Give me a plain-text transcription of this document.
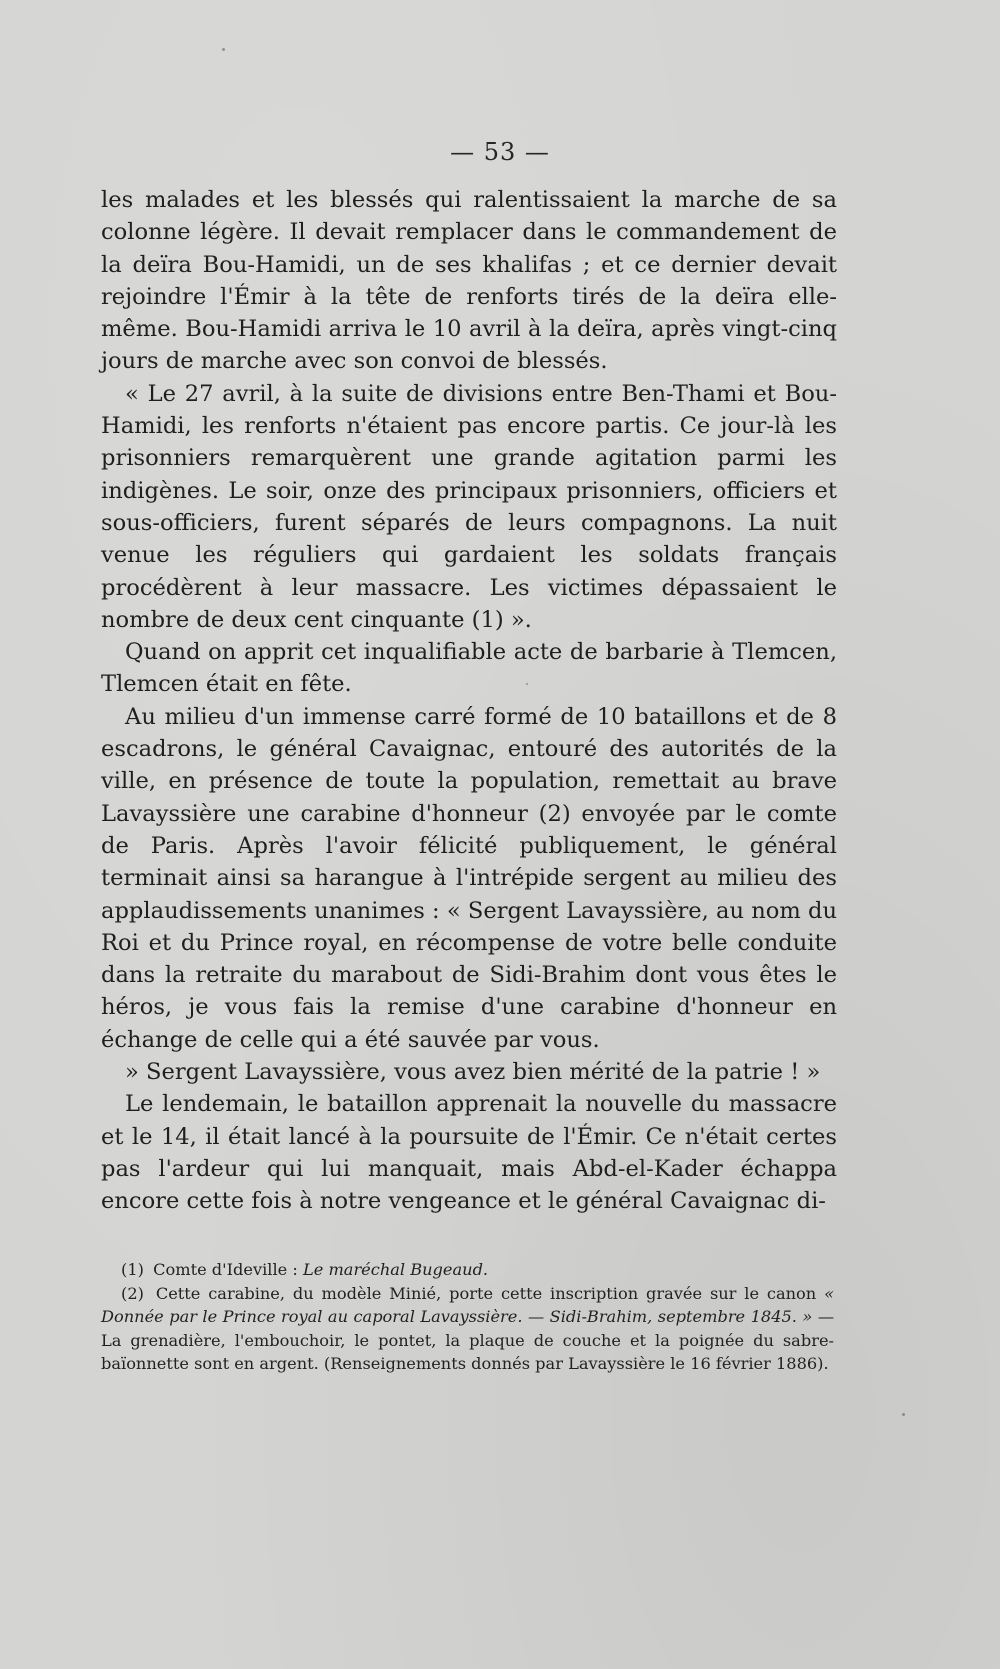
— 53 —

les malades et les blessés qui ralentissaient la marche de sa colonne légère. Il devait remplacer dans le commandement de la deïra Bou-Hamidi, un de ses khalifas ; et ce dernier devait rejoindre l'Émir à la tête de renforts tirés de la deïra elle-même. Bou-Hamidi arriva le 10 avril à la deïra, après vingt-cinq jours de marche avec son convoi de blessés.

« Le 27 avril, à la suite de divisions entre Ben-Thami et Bou-Hamidi, les renforts n'étaient pas encore partis. Ce jour-là les prisonniers remarquèrent une grande agitation parmi les indigènes. Le soir, onze des principaux prisonniers, officiers et sous-officiers, furent séparés de leurs compagnons. La nuit venue les réguliers qui gardaient les soldats français procédèrent à leur massacre. Les victimes dépassaient le nombre de deux cent cinquante (1) ».

Quand on apprit cet inqualifiable acte de barbarie à Tlemcen, Tlemcen était en fête.

Au milieu d'un immense carré formé de 10 bataillons et de 8 escadrons, le général Cavaignac, entouré des autorités de la ville, en présence de toute la population, remettait au brave Lavayssière une carabine d'honneur (2) envoyée par le comte de Paris. Après l'avoir félicité publiquement, le général terminait ainsi sa harangue à l'intrépide sergent au milieu des applaudissements unanimes : « Sergent Lavayssière, au nom du Roi et du Prince royal, en récompense de votre belle conduite dans la retraite du marabout de Sidi-Brahim dont vous êtes le héros, je vous fais la remise d'une carabine d'honneur en échange de celle qui a été sauvée par vous.

» Sergent Lavayssière, vous avez bien mérité de la patrie ! »

Le lendemain, le bataillon apprenait la nouvelle du massacre et le 14, il était lancé à la poursuite de l'Émir. Ce n'était certes pas l'ardeur qui lui manquait, mais Abd-el-Kader échappa encore cette fois à notre vengeance et le général Cavaignac di-

(1) Comte d'Ideville : Le maréchal Bugeaud.

(2) Cette carabine, du modèle Minié, porte cette inscription gravée sur le canon « Donnée par le Prince royal au caporal Lavayssière. — Sidi-Brahim, septembre 1845. » — La grenadière, l'embouchoir, le pontet, la plaque de couche et la poignée du sabre-baïonnette sont en argent. (Renseignements donnés par Lavayssière le 16 février 1886).
